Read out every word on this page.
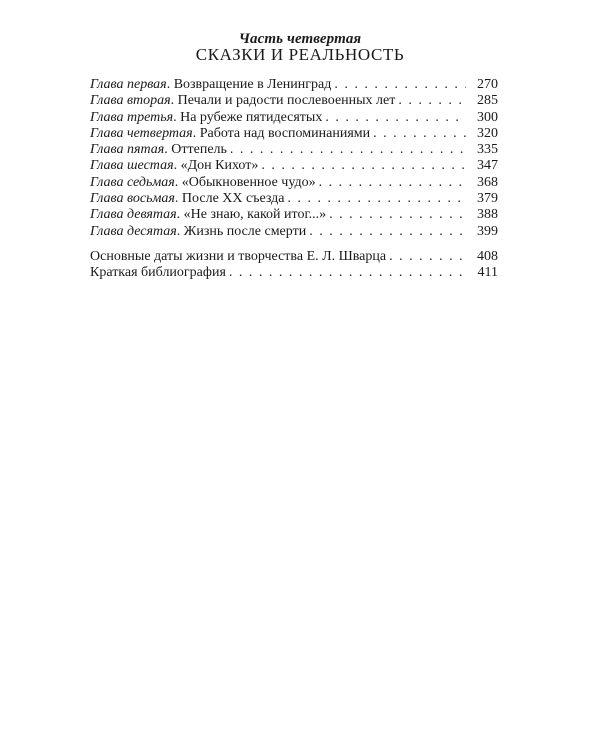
Часть четвертая
СКАЗКИ И РЕАЛЬНОСТЬ
Глава первая . Возвращение в Ленинград . . .	270
Глава вторая . Печали и радости послевоенных лет . . .	285
Глава третья . На рубеже пятидесятых . . .	300
Глава четвертая . Работа над воспоминаниями . . .	320
Глава пятая . Оттепель . . .	335
Глава шестая . «Дон Кихот» . . .	347
Глава седьмая . «Обыкновенное чудо» . . .	368
Глава восьмая . После XX съезда . . .	379
Глава девятая . «Не знаю, какой итог...» . . .	388
Глава десятая . Жизнь после смерти . . .	399
Основные даты жизни и творчества Е. Л. Шварца . . .	408
Краткая библиография . . .	411
